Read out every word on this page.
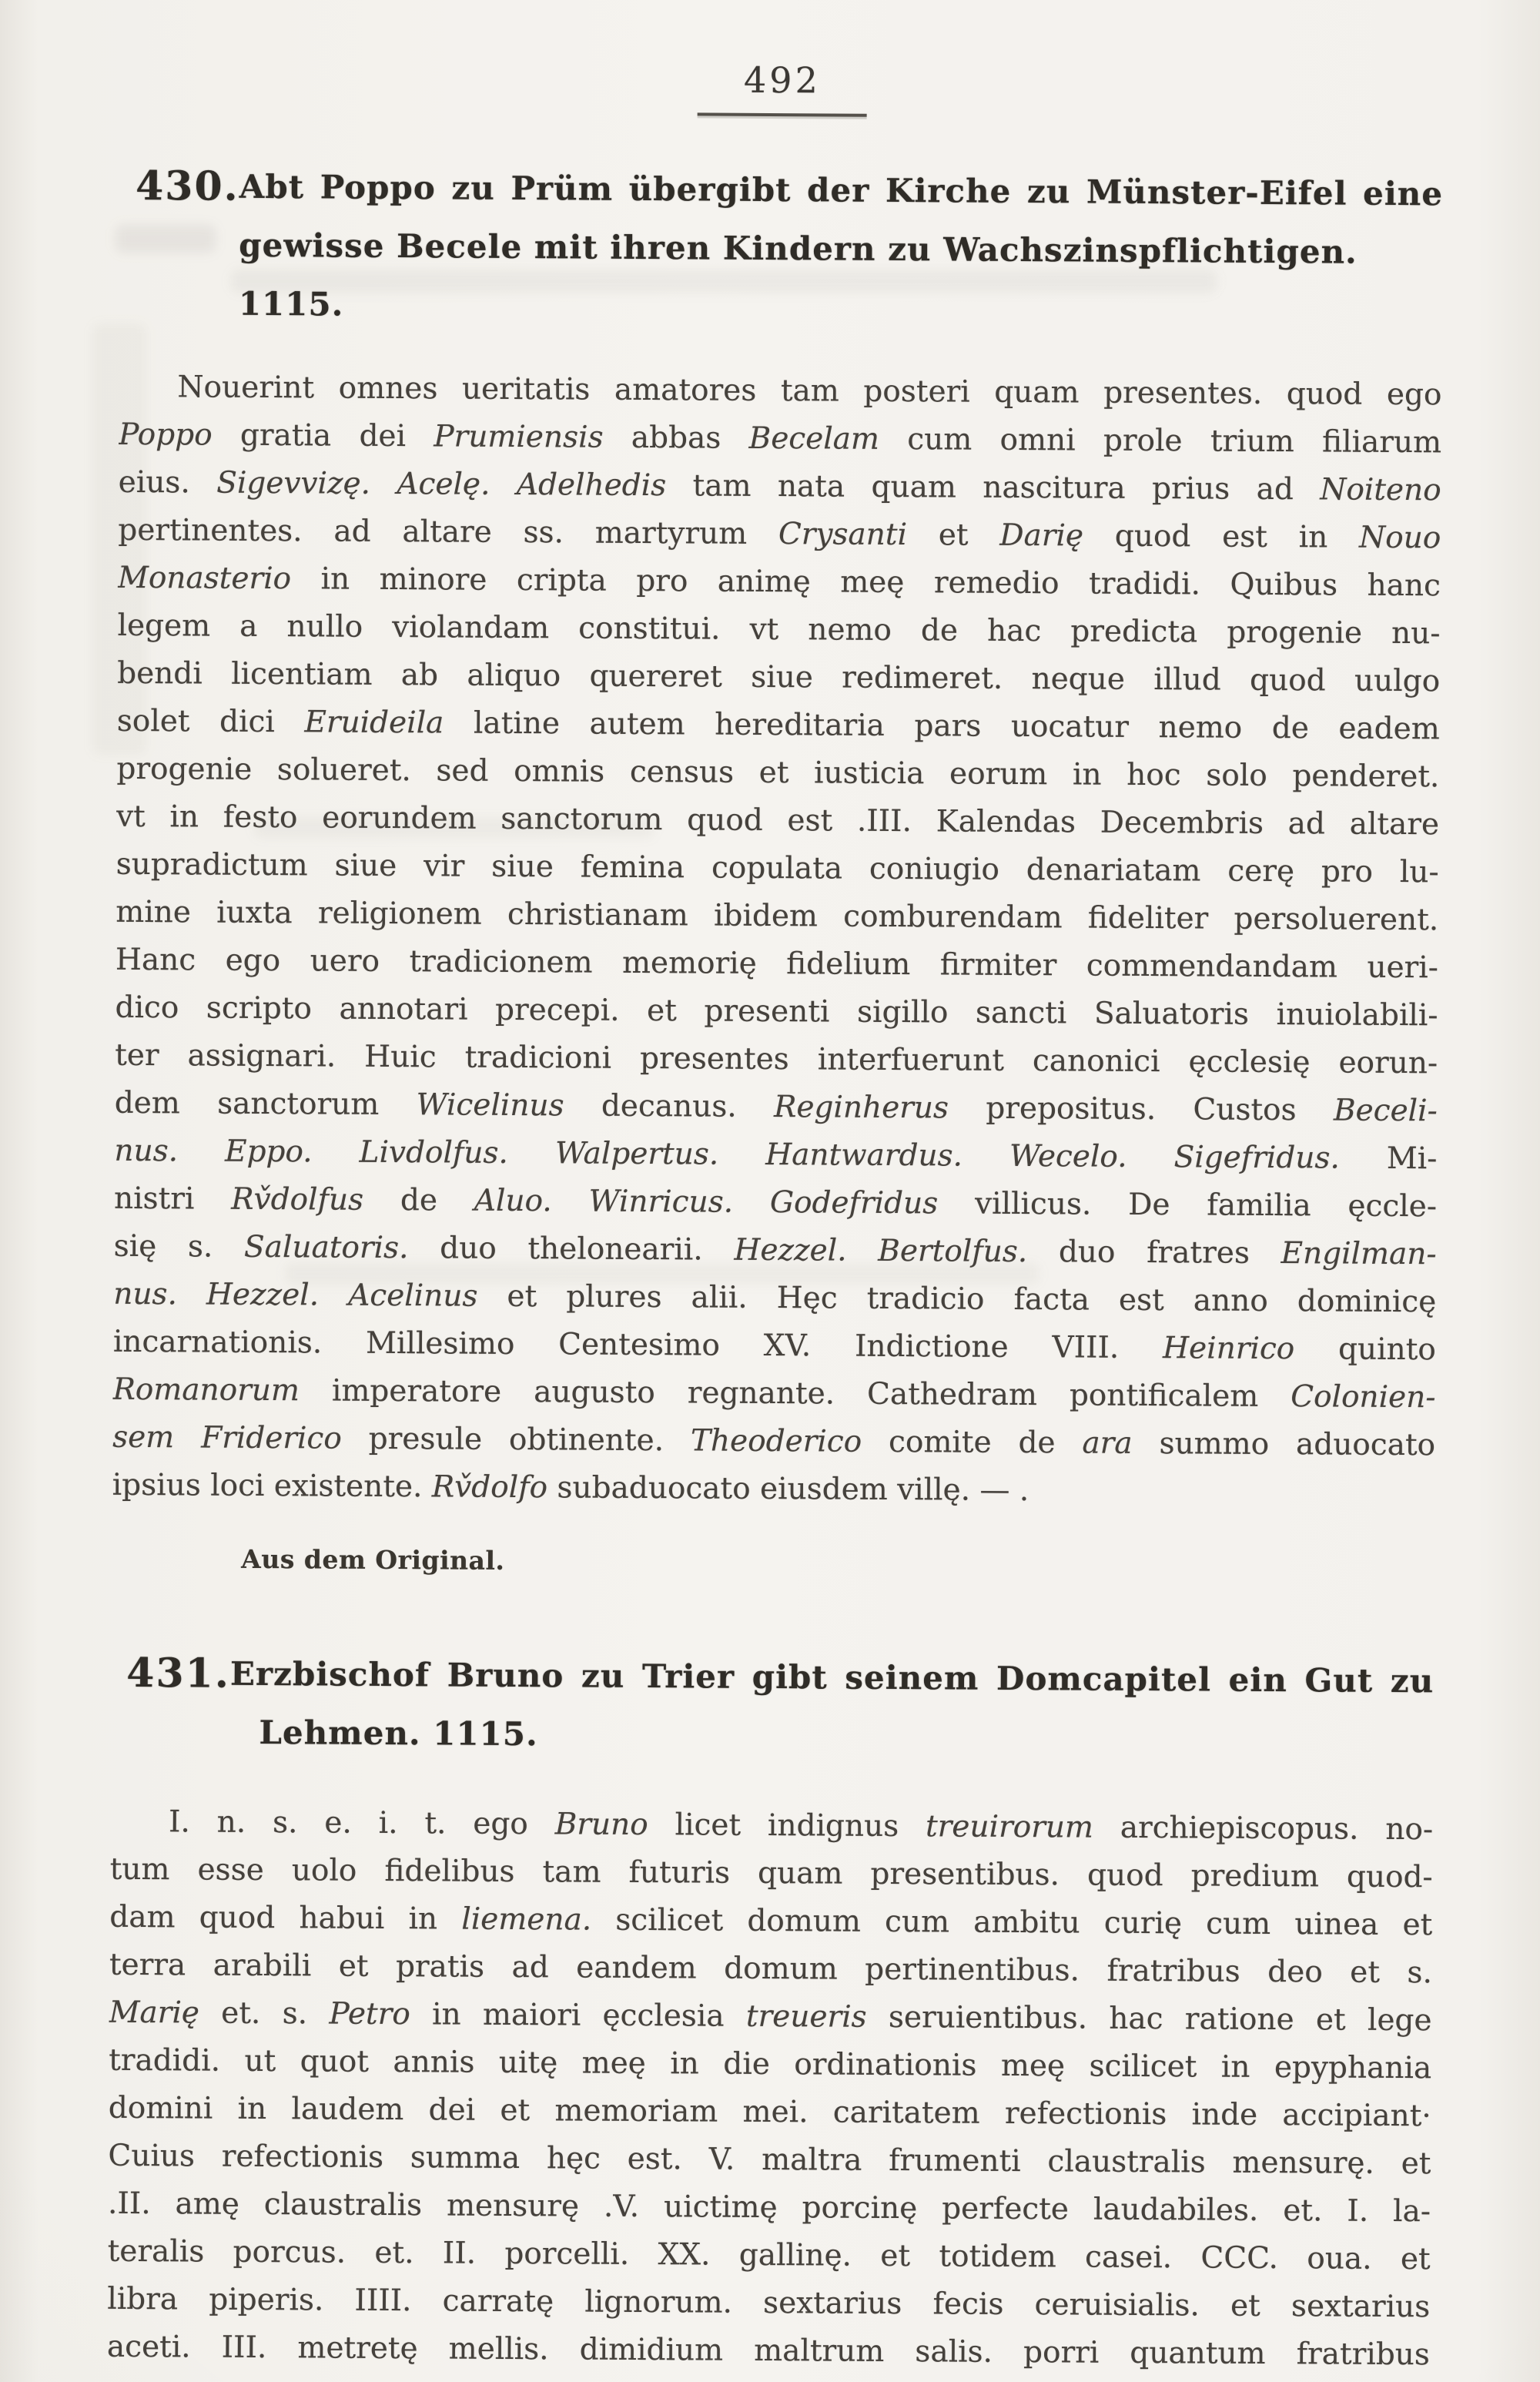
492
430. Abt Poppo zu Prüm übergibt der Kirche zu Münster-Eifel eine
gewisse Becele mit ihren Kindern zu Wachszinspflichtigen. 1115.
Nouerint omnes ueritatis amatores tam posteri quam presentes. quod ego
Poppo gratia dei Prumiensis abbas Becelam cum omni prole trium filiarum
eius. Sigevvizę. Acelę. Adelhedis tam nata quam nascitura prius ad Noiteno
pertinentes. ad altare ss. martyrum Crysanti et Darię quod est in Nouo
Monasterio in minore cripta pro animę meę remedio tradidi. Quibus hanc
legem a nullo violandam constitui. vt nemo de hac predicta progenie nu-
bendi licentiam ab aliquo quereret siue redimeret. neque illud quod uulgo
solet dici Eruideila latine autem hereditaria pars uocatur nemo de eadem
progenie solueret. sed omnis census et iusticia eorum in hoc solo penderet.
vt in festo eorundem sanctorum quod est .III. Kalendas Decembris ad altare
supradictum siue vir siue femina copulata coniugio denariatam cerę pro lu-
mine iuxta religionem christianam ibidem comburendam fideliter persoluerent.
Hanc ego uero tradicionem memorię fidelium firmiter commendandam ueri-
dico scripto annotari precepi. et presenti sigillo sancti Saluatoris inuiolabili-
ter assignari. Huic tradicioni presentes interfuerunt canonici ęcclesię eorun-
dem sanctorum Wicelinus decanus. Reginherus prepositus. Custos Beceli-
nus. Eppo. Livdolfus. Walpertus. Hantwardus. Wecelo. Sigefridus. Mi-
nistri Rv̌dolfus de Aluo. Winricus. Godefridus villicus. De familia ęccle-
się s. Saluatoris. duo thelonearii. Hezzel. Bertolfus. duo fratres Engilman-
nus. Hezzel. Acelinus et plures alii. Hęc tradicio facta est anno dominicę
incarnationis. Millesimo Centesimo XV. Indictione VIII. Heinrico quinto
Romanorum imperatore augusto regnante. Cathedram pontificalem Colonien-
sem Friderico presule obtinente. Theoderico comite de ara summo aduocato
ipsius loci existente. Rv̌dolfo subaduocato eiusdem villę. — .
Aus dem Original.
431. Erzbischof Bruno zu Trier gibt seinem Domcapitel ein Gut zu
Lehmen. 1115.
I. n. s. e. i. t. ego Bruno licet indignus treuirorum archiepiscopus. no-
tum esse uolo fidelibus tam futuris quam presentibus. quod predium quod-
dam quod habui in liemena. scilicet domum cum ambitu curię cum uinea et
terra arabili et pratis ad eandem domum pertinentibus. fratribus deo et s.
Marię et. s. Petro in maiori ęcclesia treueris seruientibus. hac ratione et lege
tradidi. ut quot annis uitę meę in die ordinationis meę scilicet in epyphania
domini in laudem dei et memoriam mei. caritatem refectionis inde accipiant·
Cuius refectionis summa hęc est. V. maltra frumenti claustralis mensurę. et
.II. amę claustralis mensurę .V. uictimę porcinę perfecte laudabiles. et. I. la-
teralis porcus. et. II. porcelli. XX. gallinę. et totidem casei. CCC. oua. et
libra piperis. IIII. carratę lignorum. sextarius fecis ceruisialis. et sextarius
aceti. III. metretę mellis. dimidium maltrum salis. porri quantum fratribus
